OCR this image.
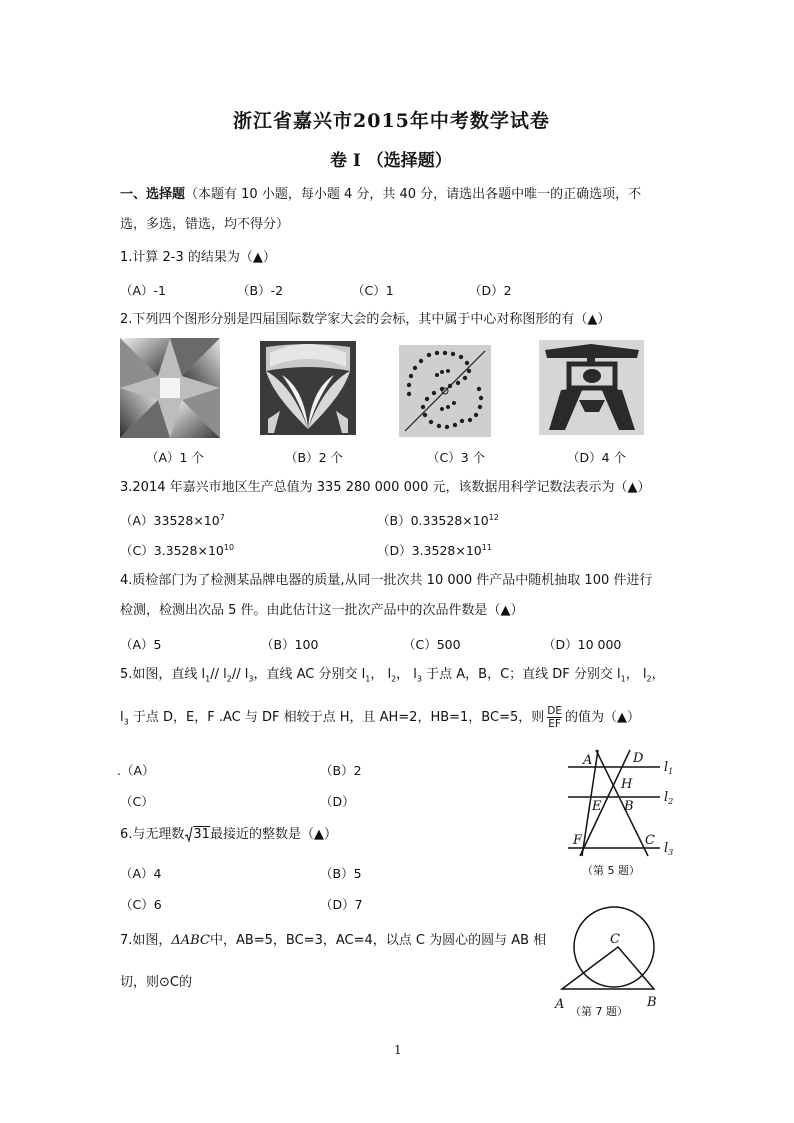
浙江省嘉兴市2015年中考数学试卷
卷 I （选择题）
一、选择题（本题有 10 小题，每小题 4 分，共 40 分，请选出各题中唯一的正确选项，不
选，多选，错选，均不得分）
1.计算 2-3 的结果为（▲）
（A）-1	（B）-2	（C）1	（D）2
2.下列四个图形分别是四届国际数学家大会的会标，其中属于中心对称图形的有（▲）
（A）1 个	（B）2 个	（C）3 个	（D）4 个
3.2014 年嘉兴市地区生产总值为 335 280 000 000 元，该数据用科学记数法表示为（▲）
$(A)33528\times 10^7$	$(B)0.33528\times 10^{12}$
$(C)3.3528\times 10^{10}$	$(D)3.3528\times 10^{11}$
4.质检部门为了检测某品牌电器的质量,从同一批次共 10 000 件产品中随机抽取 100 件进行
检测，检测出次品 5 件。由此估计这一批次产品中的次品件数是（▲）
（A）5	（B）100	（C）500	（D）10 000
5.如图，直线 $l_1//$ $l_2//$ $l_3$，直线 AC 分别交 $l_1$， $l_2$， $l_3$ 于点 A，B，C；直线 DF 分别交 $l_1$， $l_2$，
$l_3$ 于点 D，E，F .AC 与 DF 相较于点 H，且 AH=2，HB=1，BC=5，则 $\frac{DE}{EF}$ 的值为（▲）
.（A）	（B）2
（C）	（D）
A	D
H
E B
F	C
$l_1$
$l_2$
$l_3$
（第 5 题）
6.与无理数 31最接近的整数是（▲）
（A）4	（B）5
（C）6	（D）7
7.如图，ΔABC中，AB=5，BC=3，AC=4，以点 C 为圆心的圆与 AB 相
切，则⊙C的
C
A	B
（第 7 题）
1
